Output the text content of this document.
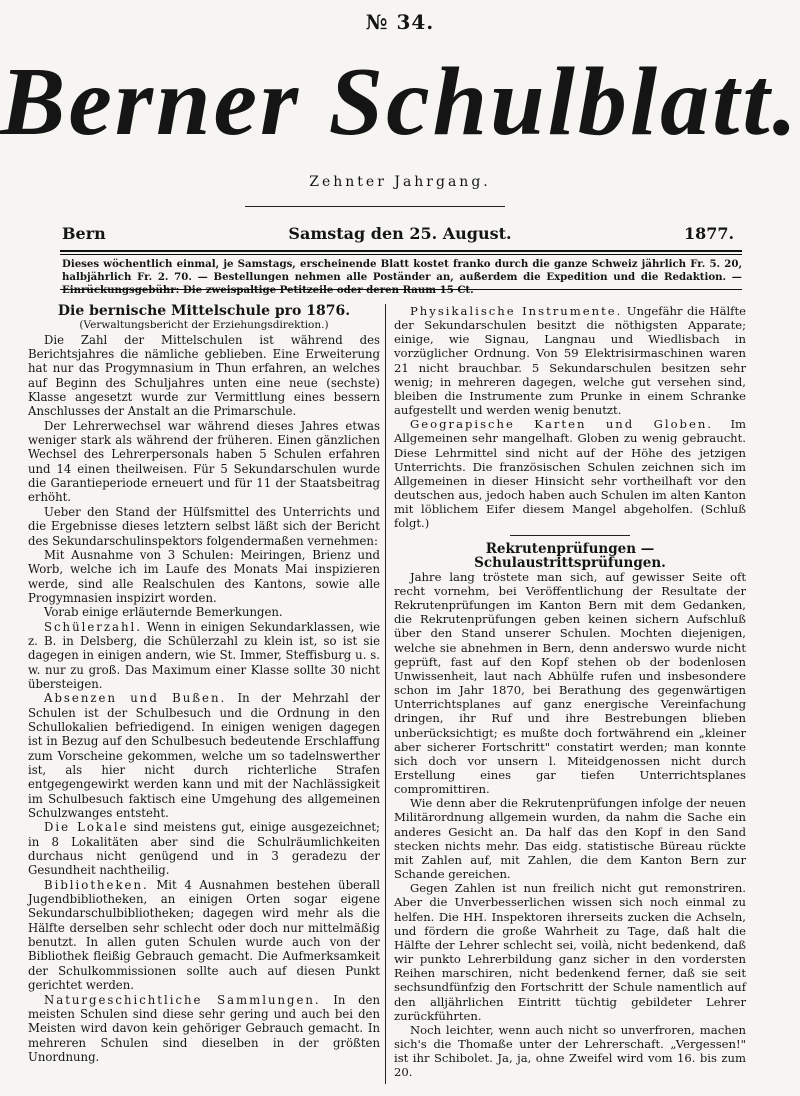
№ 34.
Berner Schulblatt.
Zehnter Jahrgang.
Samstag den 25. August.
Bern	1877.
Dieses wöchentlich einmal, je Samstags, erscheinende Blatt kostet franko durch die ganze Schweiz jährlich Fr. 5. 20, halbjährlich Fr. 2. 70. — Bestellungen nehmen alle Poständer an, außerdem die Expedition und die Redaktion. — Einrückungsgebühr: Die zweispaltige Petitzeile oder deren Raum 15 Ct.

Die bernische Mittelschule pro 1876.

(Verwaltungsbericht der Erziehungsdirektion.)

Die Zahl der Mittelschulen ist während des Berichtsjahres die nämliche geblieben. Eine Erweiterung hat nur das Progymnasium in Thun erfahren, an welches auf Beginn des Schuljahres unten eine neue (sechste) Klasse angesetzt wurde zur Vermittlung eines bessern Anschlusses der Anstalt an die Primarschule.

Der Lehrerwechsel war während dieses Jahres etwas weniger stark als während der früheren. Einen gänzlichen Wechsel des Lehrerpersonals haben 5 Schulen erfahren und 14 einen theilweisen. Für 5 Sekundarschulen wurde die Garantieperiode erneuert und für 11 der Staatsbeitrag erhöht.

Ueber den Stand der Hülfsmittel des Unterrichts und die Ergebnisse dieses letztern selbst läßt sich der Bericht des Sekundarschulinspektors folgendermaßen vernehmen:

Mit Ausnahme von 3 Schulen: Meiringen, Brienz und Worb, welche ich im Laufe des Monats Mai inspizieren werde, sind alle Realschulen des Kantons, sowie alle Progymnasien inspizirt worden.

Vorab einige erläuternde Bemerkungen.

Schülerzahl. Wenn in einigen Sekundarklassen, wie z. B. in Delsberg, die Schülerzahl zu klein ist, so ist sie dagegen in einigen andern, wie St. Immer, Steffisburg u. s. w. nur zu groß. Das Maximum einer Klasse sollte 30 nicht übersteigen.

Absenzen und Bußen. In der Mehrzahl der Schulen ist der Schulbesuch und die Ordnung in den Schullokalien befriedigend. In einigen wenigen dagegen ist in Bezug auf den Schulbesuch bedeutende Erschlaffung zum Vorscheine gekommen, welche um so tadelnswerther ist, als hier nicht durch richterliche Strafen entgegengewirkt werden kann und mit der Nachlässigkeit im Schulbesuch faktisch eine Umgehung des allgemeinen Schulzwanges entsteht.

Die Lokale sind meistens gut, einige ausgezeichnet; in 8 Lokalitäten aber sind die Schulräumlichkeiten durchaus nicht genügend und in 3 geradezu der Gesundheit nachtheilig.

Bibliotheken. Mit 4 Ausnahmen bestehen überall Jugendbibliotheken, an einigen Orten sogar eigene Sekundarschulbibliotheken; dagegen wird mehr als die Hälfte derselben sehr schlecht oder doch nur mittelmäßig benutzt. In allen guten Schulen wurde auch von der Bibliothek fleißig Gebrauch gemacht. Die Aufmerksamkeit der Schulkommissionen sollte auch auf diesen Punkt gerichtet werden.

Naturgeschichtliche Sammlungen. In den meisten Schulen sind diese sehr gering und auch bei den Meisten wird davon kein gehöriger Gebrauch gemacht. In mehreren Schulen sind dieselben in der größten Unordnung.

Physikalische Instrumente. Ungefähr die Hälfte der Sekundarschulen besitzt die nöthigsten Apparate; einige, wie Signau, Langnau und Wiedlisbach in vorzüglicher Ordnung. Von 59 Elektrisirmaschinen waren 21 nicht brauchbar. 5 Sekundarschulen besitzen sehr wenig; in mehreren dagegen, welche gut versehen sind, bleiben die Instrumente zum Prunke in einem Schranke aufgestellt und werden wenig benutzt.

Geograpische Karten und Globen. Im Allgemeinen sehr mangelhaft. Globen zu wenig gebraucht. Diese Lehrmittel sind nicht auf der Höhe des jetzigen Unterrichts. Die französischen Schulen zeichnen sich im Allgemeinen in dieser Hinsicht sehr vortheilhaft vor den deutschen aus, jedoch haben auch Schulen im alten Kanton mit löblichem Eifer diesem Mangel abgeholfen. (Schluß folgt.)

Rekrutenprüfungen — Schulaustrittsprüfungen.

Jahre lang tröstete man sich, auf gewisser Seite oft recht vornehm, bei Veröffentlichung der Resultate der Rekrutenprüfungen im Kanton Bern mit dem Gedanken, die Rekrutenprüfungen geben keinen sichern Aufschluß über den Stand unserer Schulen. Mochten diejenigen, welche sie abnehmen in Bern, denn anderswo wurde nicht geprüft, fast auf den Kopf stehen ob der bodenlosen Unwissenheit, laut nach Abhülfe rufen und insbesondere schon im Jahr 1870, bei Berathung des gegenwärtigen Unterrichtsplanes auf ganz energische Vereinfachung dringen, ihr Ruf und ihre Bestrebungen blieben unberücksichtigt; es mußte doch fortwährend ein „kleiner aber sicherer Fortschritt" constatirt werden; man konnte sich doch vor unsern l. Miteidgenossen nicht durch Erstellung eines gar tiefen Unterrichtsplanes compromittiren.

Wie denn aber die Rekrutenprüfungen infolge der neuen Militärordnung allgemein wurden, da nahm die Sache ein anderes Gesicht an. Da half das den Kopf in den Sand stecken nichts mehr. Das eidg. statistische Büreau rückte mit Zahlen auf, mit Zahlen, die dem Kanton Bern zur Schande gereichen.

Gegen Zahlen ist nun freilich nicht gut remonstriren. Aber die Unverbesserlichen wissen sich noch einmal zu helfen. Die HH. Inspektoren ihrerseits zucken die Achseln, und fördern die große Wahrheit zu Tage, daß halt die Hälfte der Lehrer schlecht sei, voilà, nicht bedenkend, daß wir punkto Lehrerbildung ganz sicher in den vordersten Reihen marschiren, nicht bedenkend ferner, daß sie seit sechsundfünfzig den Fortschritt der Schule namentlich auf den alljährlichen Eintritt tüchtig gebildeter Lehrer zurückführten.

Noch leichter, wenn auch nicht so unverfroren, machen sich's die Thomaße unter der Lehrerschaft. „Vergessen!" ist ihr Schibolet. Ja, ja, ohne Zweifel wird vom 16. bis zum 20.
